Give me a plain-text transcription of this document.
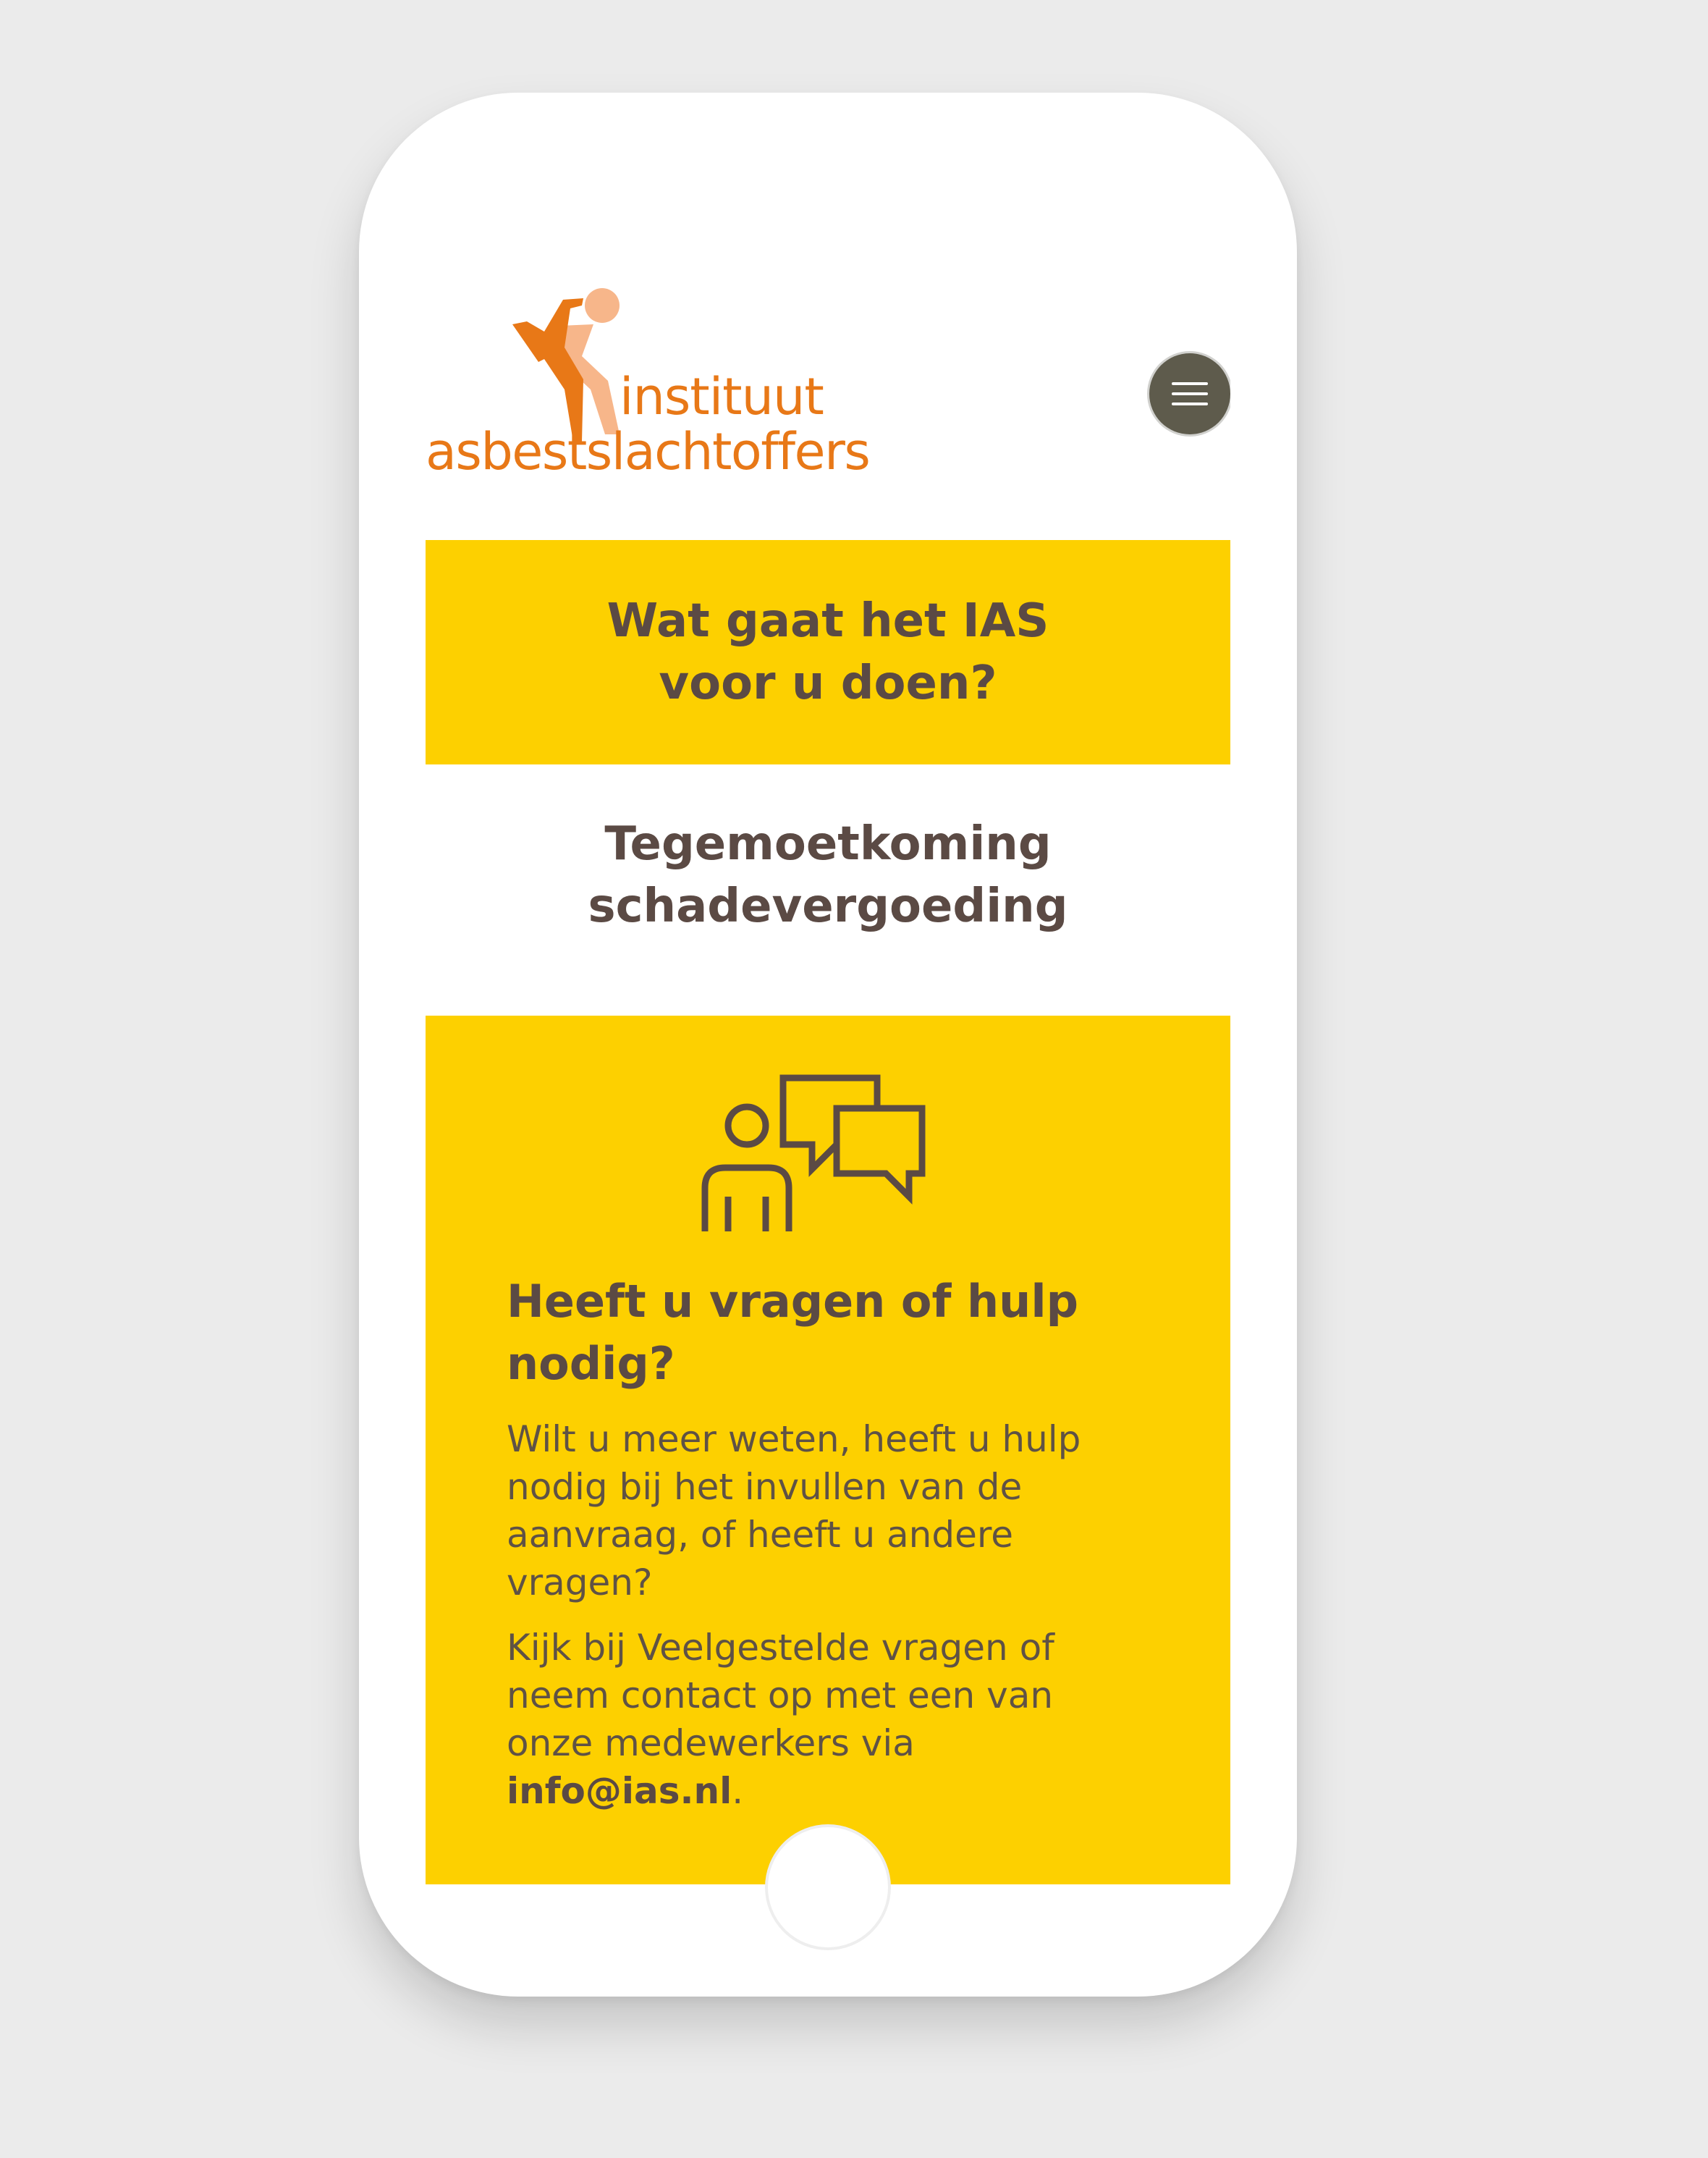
instituut
asbestslachtoffers
Wat gaat het IAS voor u doen?
Tegemoetkoming schadevergoeding
Heeft u vragen of hulp nodig?

Wilt u meer weten, heeft u hulp nodig bij het invullen van de aanvraag, of heeft u andere vragen?

Kijk bij Veelgestelde vragen of neem contact op met een van onze medewerkers via info@ias.nl.
